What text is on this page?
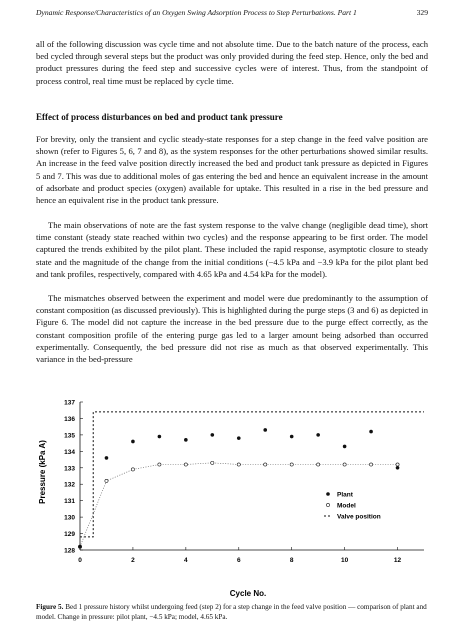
Dynamic Response/Characteristics of an Oxygen Swing Adsorption Process to Step Perturbations. Part 1	329
all of the following discussion was cycle time and not absolute time. Due to the batch nature of the process, each bed cycled through several steps but the product was only provided during the feed step. Hence, only the bed and product pressures during the feed step and successive cycles were of interest. Thus, from the standpoint of process control, real time must be replaced by cycle time.
Effect of process disturbances on bed and product tank pressure
For brevity, only the transient and cyclic steady-state responses for a step change in the feed valve position are shown (refer to Figures 5, 6, 7 and 8), as the system responses for the other perturbations showed similar results. An increase in the feed valve position directly increased the bed and product tank pressure as depicted in Figures 5 and 7. This was due to additional moles of gas entering the bed and hence an equivalent increase in the amount of adsorbate and product species (oxygen) available for uptake. This resulted in a rise in the bed pressure and hence an equivalent rise in the product tank pressure.
The main observations of note are the fast system response to the valve change (negligible dead time), short time constant (steady state reached within two cycles) and the response appearing to be first order. The model captured the trends exhibited by the pilot plant. These included the rapid response, asymptotic closure to steady state and the magnitude of the change from the initial conditions (−4.5 kPa and −3.9 kPa for the pilot plant bed and tank profiles, respectively, compared with 4.65 kPa and 4.54 kPa for the model).
The mismatches observed between the experiment and model were due predominantly to the assumption of constant composition (as discussed previously). This is highlighted during the purge steps (3 and 6) as depicted in Figure 6. The model did not capture the increase in the bed pressure due to the purge effect correctly, as the constant composition profile of the entering purge gas led to a larger amount being adsorbed than occurred experimentally. Consequently, the bed pressure did not rise as much as that observed experimentally. This variance in the bed-pressure
Pressure (kPa A)
Cycle No.
128
129
130
131
132
133
134
135
136
137
0	2	4	6	8	10	12
Plant
Model
Valve position
Figure 5. Bed 1 pressure history whilst undergoing feed (step 2) for a step change in the feed valve position — comparison of plant and model. Change in pressure: pilot plant, −4.5 kPa; model, 4.65 kPa.
